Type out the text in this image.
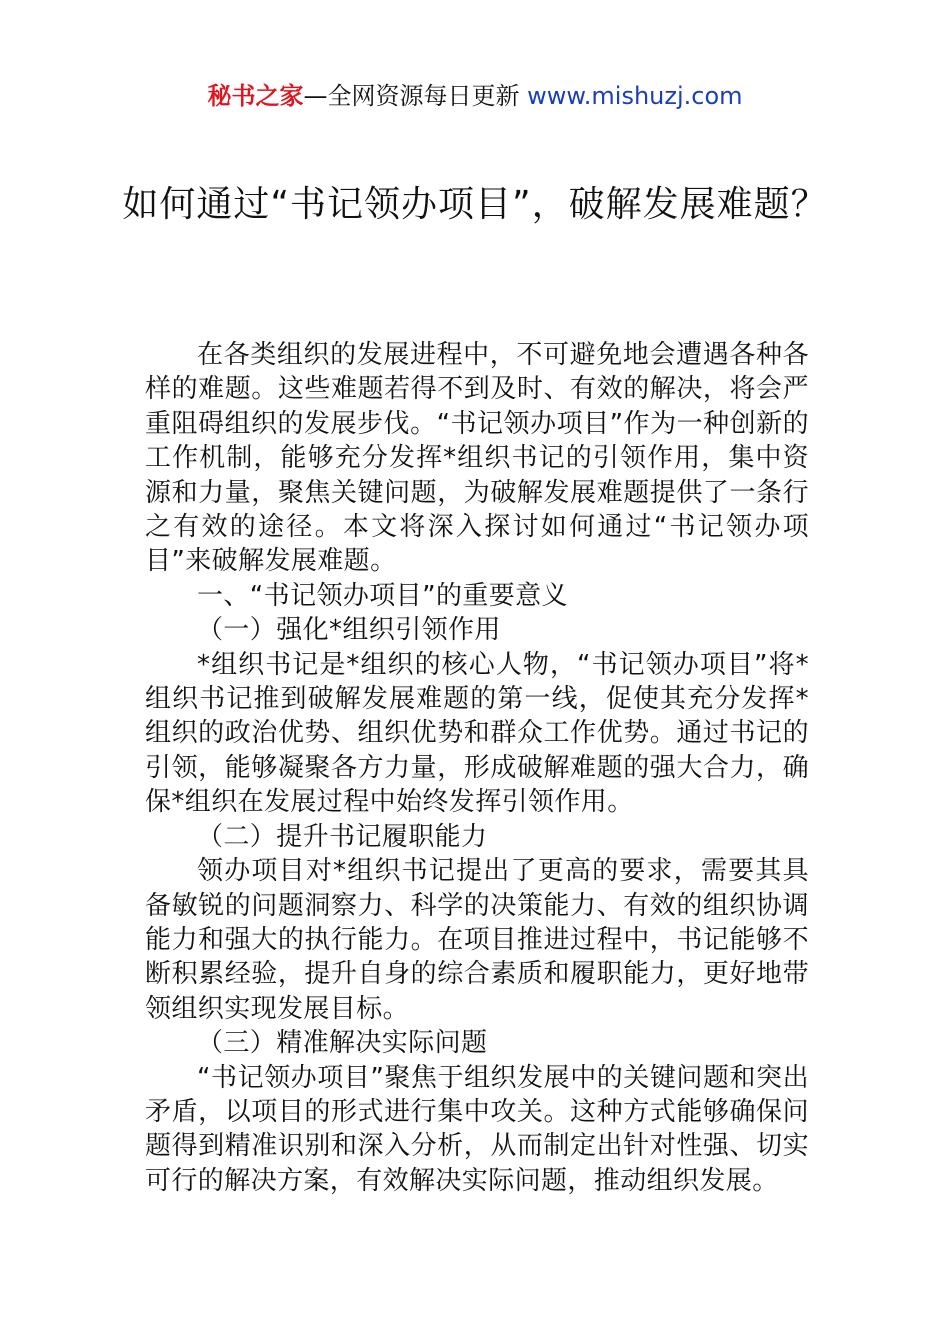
秘书之家—全网资源每日更新 www.mishuzj.com
如何通过“书记领办项目”，破解发展难题？

在各类组织的发展进程中，不可避免地会遭遇各种各样的难题。这些难题若得不到及时、有效的解决，将会严重阻碍组织的发展步伐。“书记领办项目”作为一种创新的工作机制，能够充分发挥*组织书记的引领作用，集中资源和力量，聚焦关键问题，为破解发展难题提供了一条行之有效的途径。本文将深入探讨如何通过“书记领办项目”来破解发展难题。

一、“书记领办项目”的重要意义

（一）强化*组织引领作用

*组织书记是*组织的核心人物，“书记领办项目”将*组织书记推到破解发展难题的第一线，促使其充分发挥*组织的政治优势、组织优势和群众工作优势。通过书记的引领，能够凝聚各方力量，形成破解难题的强大合力，确保*组织在发展过程中始终发挥引领作用。

（二）提升书记履职能力

领办项目对*组织书记提出了更高的要求，需要其具备敏锐的问题洞察力、科学的决策能力、有效的组织协调能力和强大的执行能力。在项目推进过程中，书记能够不断积累经验，提升自身的综合素质和履职能力，更好地带领组织实现发展目标。

（三）精准解决实际问题

“书记领办项目”聚焦于组织发展中的关键问题和突出矛盾，以项目的形式进行集中攻关。这种方式能够确保问题得到精准识别和深入分析，从而制定出针对性强、切实可行的解决方案，有效解决实际问题，推动组织发展。
